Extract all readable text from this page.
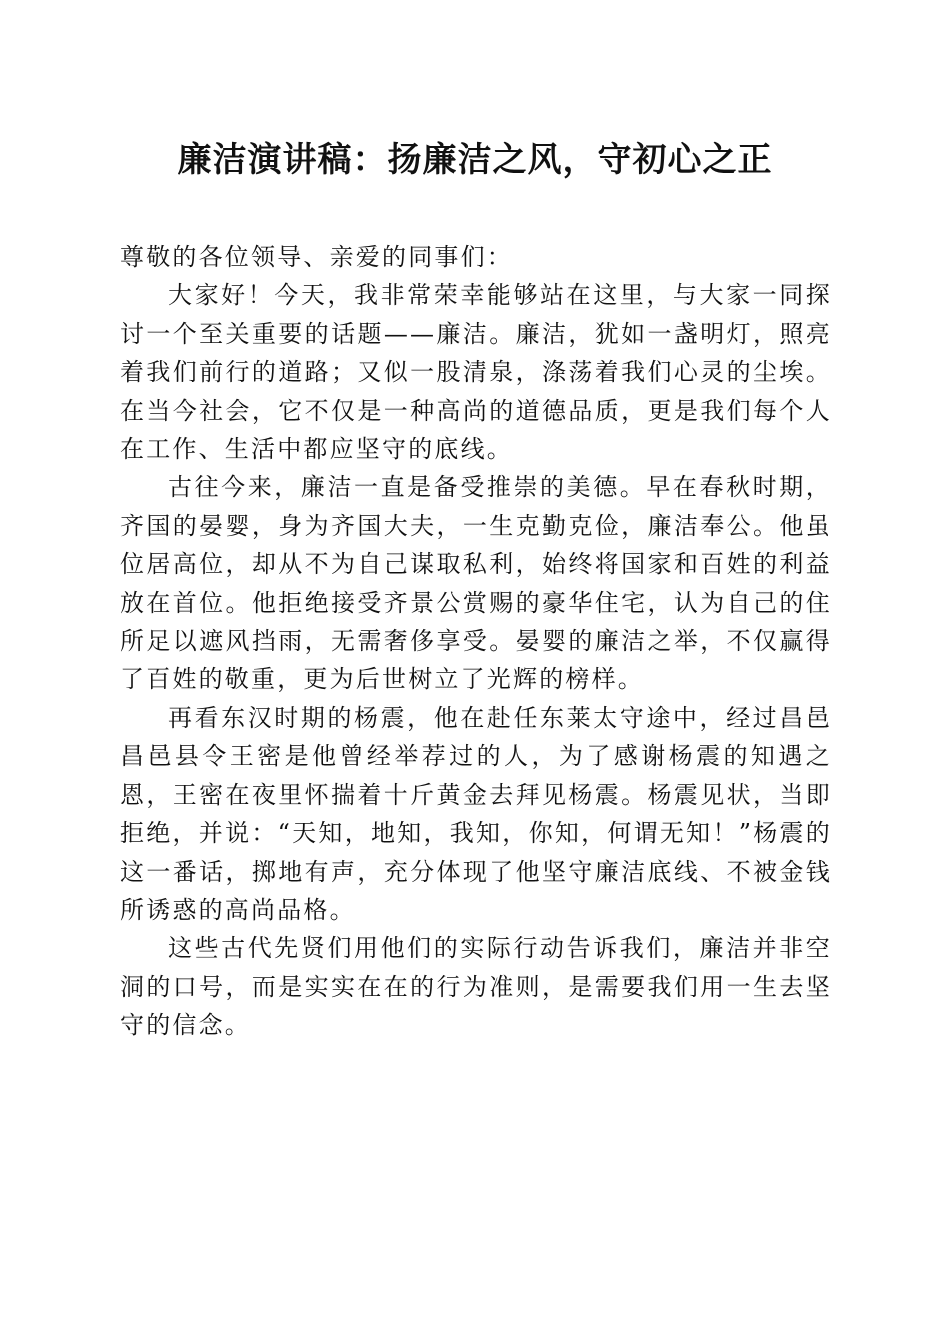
廉洁演讲稿：扬廉洁之风，守初心之正

尊敬的各位领导、亲爱的同事们：

大家好！今天，我非常荣幸能够站在这里，与大家一同探讨一个至关重要的话题——廉洁。廉洁，犹如一盏明灯，照亮着我们前行的道路；又似一股清泉，涤荡着我们心灵的尘埃。在当今社会，它不仅是一种高尚的道德品质，更是我们每个人在工作、生活中都应坚守的底线。

古往今来，廉洁一直是备受推崇的美德。早在春秋时期，齐国的晏婴，身为齐国大夫，一生克勤克俭，廉洁奉公。他虽位居高位，却从不为自己谋取私利，始终将国家和百姓的利益放在首位。他拒绝接受齐景公赏赐的豪华住宅，认为自己的住所足以遮风挡雨，无需奢侈享受。晏婴的廉洁之举，不仅赢得了百姓的敬重，更为后世树立了光辉的榜样。

再看东汉时期的杨震，他在赴任东莱太守途中，经过昌邑昌邑县令王密是他曾经举荐过的人，为了感谢杨震的知遇之恩，王密在夜里怀揣着十斤黄金去拜见杨震。杨震见状，当即拒绝，并说：“天知，地知，我知，你知，何谓无知！”杨震的这一番话，掷地有声，充分体现了他坚守廉洁底线、不被金钱所诱惑的高尚品格。

这些古代先贤们用他们的实际行动告诉我们，廉洁并非空洞的口号，而是实实在在的行为准则，是需要我们用一生去坚守的信念。
